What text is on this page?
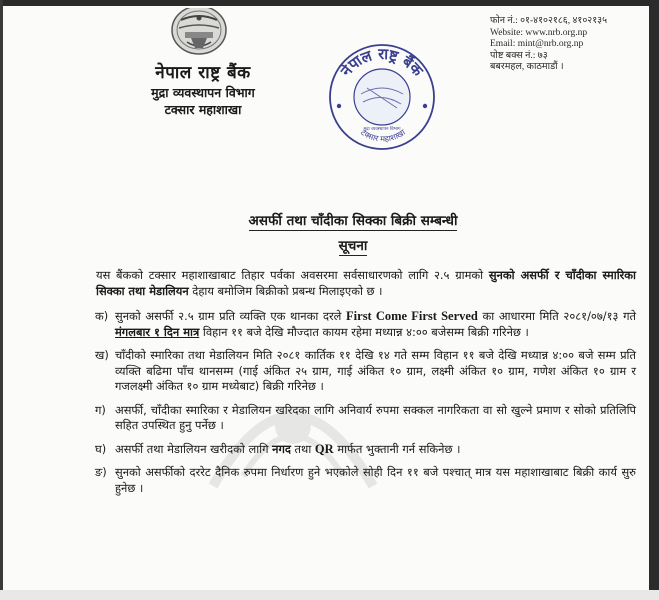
नेपाल राष्ट्र बैंक

मुद्रा व्यवस्थापन विभाग

टक्सार महाशाखा

नेपाल राष्ट्र बैंक
मुद्रा व्यवस्थापन विभाग
टक्सार महाशाखा
फोन नं.: ०१-४१०२१८६, ४१०२१३५
Website: www.nrb.org.np
Email: mint@nrb.org.np
पोष्ट बक्स नं.: ७३
बबरमहल, काठमाडौं ।
असर्फी तथा चाँदीका सिक्का बिक्री सम्बन्धी
सूचना

यस बैंकको टक्सार महाशाखाबाट तिहार पर्वका अवसरमा सर्वसाधारणको लागि २.५ ग्रामको सुनको असर्फी र चाँदीका स्मारिका सिक्का तथा मेडालियन देहाय बमोजिम बिक्रीको प्रबन्ध मिलाइएको छ ।

क) सुनको असर्फी २.५ ग्राम प्रति व्यक्ति एक थानका दरले First Come First Served का आधारमा मिति २०८१/०७/१३ गते मंगलबार १ दिन मात्र विहान ११ बजे देखि मौज्दात कायम रहेमा मध्यान्न ४:०० बजेसम्म बिक्री गरिनेछ ।

ख) चाँदीको स्मारिका तथा मेडालियन मिति २०८१ कार्तिक ११ देखि १४ गते सम्म विहान ११ बजे देखि मध्यान्न ४:०० बजे सम्म प्रति व्यक्ति बढिमा पाँच थानसम्म (गाई अंकित २५ ग्राम, गाई अंकित १० ग्राम, लक्ष्मी अंकित १० ग्राम, गणेश अंकित १० ग्राम र गजलक्ष्मी अंकित १० ग्राम मध्येबाट) बिक्री गरिनेछ ।

ग) असर्फी, चाँदीका स्मारिका र मेडालियन खरिदका लागि अनिवार्य रुपमा सक्कल नागरिकता वा सो खुल्ने प्रमाण र सोको प्रतिलिपि सहित उपस्थित हुनु पर्नेछ ।

घ) असर्फी तथा मेडालियन खरीदको लागि नगद तथा QR मार्फत भुक्तानी गर्न सकिनेछ ।

ङ) सुनको असर्फीको दररेट दैनिक रुपमा निर्धारण हुने भएकोले सोही दिन ११ बजे पश्चात् मात्र यस महाशाखाबाट बिक्री कार्य सुरु हुनेछ ।
